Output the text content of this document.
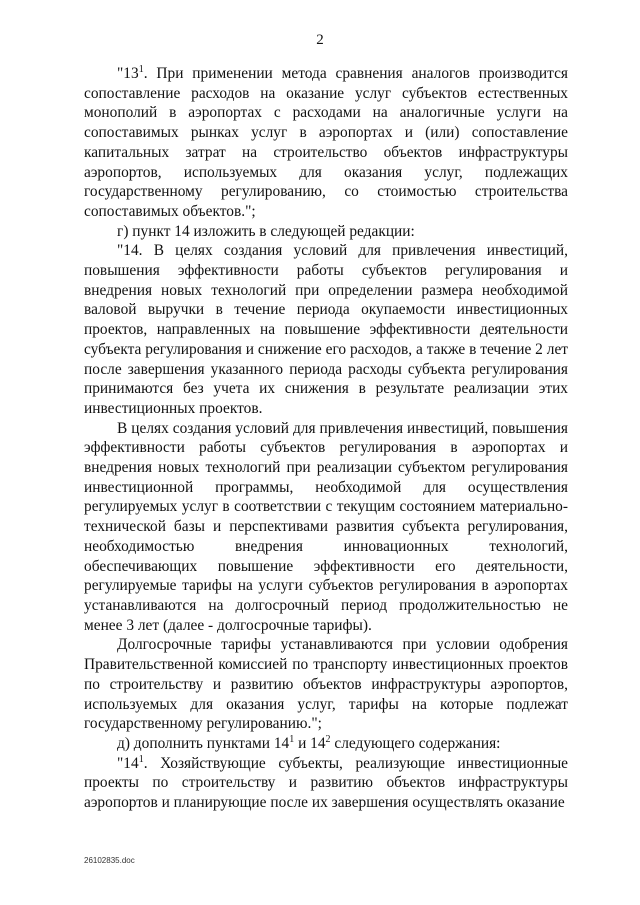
2

"$13^1$. При применении метода сравнения аналогов производится сопоставление расходов на оказание услуг субъектов естественных монополий в аэропортах с расходами на аналогичные услуги на сопоставимых рынках услуг в аэропортах и (или) сопоставление капитальных затрат на строительство объектов инфраструктуры аэропортов, используемых для оказания услуг, подлежащих государственному регулированию, со стоимостью строительства сопоставимых объектов.";

г) пункт 14 изложить в следующей редакции:

"14. В целях создания условий для привлечения инвестиций, повышения эффективности работы субъектов регулирования и внедрения новых технологий при определении размера необходимой валовой выручки в течение периода окупаемости инвестиционных проектов, направленных на повышение эффективности деятельности субъекта регулирования и снижение его расходов, а также в течение 2 лет после завершения указанного периода расходы субъекта регулирования принимаются без учета их снижения в результате реализации этих инвестиционных проектов.

В целях создания условий для привлечения инвестиций, повышения эффективности работы субъектов регулирования в аэропортах и внедрения новых технологий при реализации субъектом регулирования инвестиционной программы, необходимой для осуществления регулируемых услуг в соответствии с текущим состоянием материально-технической базы и перспективами развития субъекта регулирования, необходимостью внедрения инновационных технологий, обеспечивающих повышение эффективности его деятельности, регулируемые тарифы на услуги субъектов регулирования в аэропортах устанавливаются на долгосрочный период продолжительностью не менее 3 лет (далее - долгосрочные тарифы).

Долгосрочные тарифы устанавливаются при условии одобрения Правительственной комиссией по транспорту инвестиционных проектов по строительству и развитию объектов инфраструктуры аэропортов, используемых для оказания услуг, тарифы на которые подлежат государственному регулированию.";

д) дополнить пунктами $14^1$ и $14^2$ следующего содержания:

"$14^1$. Хозяйствующие субъекты, реализующие инвестиционные проекты по строительству и развитию объектов инфраструктуры аэропортов и планирующие после их завершения осуществлять оказание

26102835.doc
